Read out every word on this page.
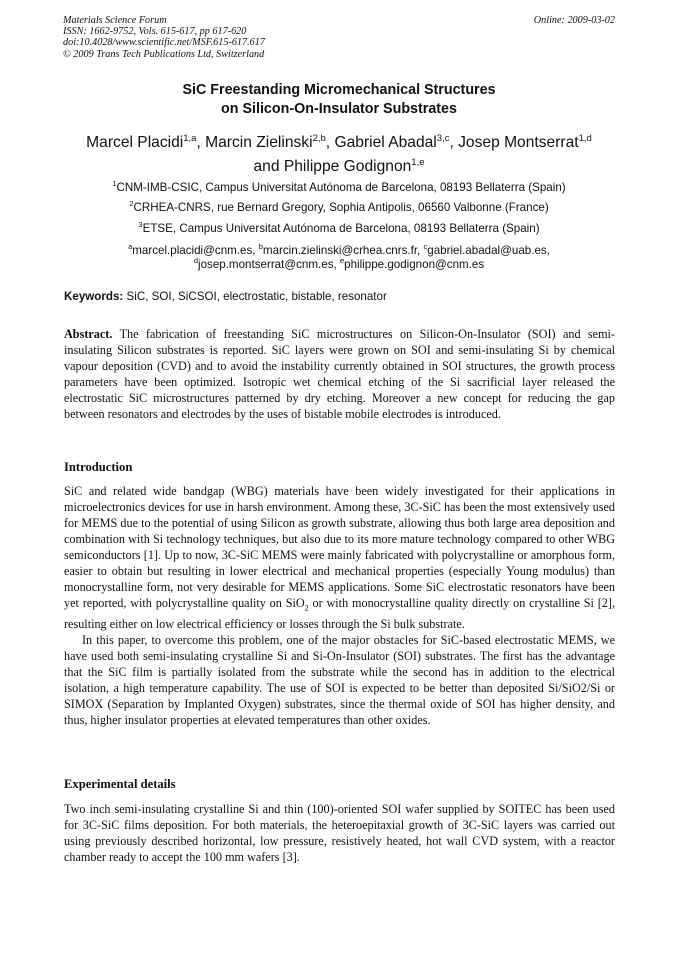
Materials Science Forum
ISSN: 1662-9752, Vols. 615-617, pp 617-620
doi:10.4028/www.scientific.net/MSF.615-617.617
© 2009 Trans Tech Publications Ltd, Switzerland
Online: 2009-03-02
SiC Freestanding Micromechanical Structures
on Silicon-On-Insulator Substrates
Marcel Placidi$^{1,a}$, Marcin Zielinski$^{2,b}$, Gabriel Abadal$^{3,c}$, Josep Montserrat$^{1,d}$
and Philippe Godignon$^{1,e}$
$^1$CNM-IMB-CSIC, Campus Universitat Autónoma de Barcelona, 08193 Bellaterra (Spain)
$^2$CRHEA-CNRS, rue Bernard Gregory, Sophia Antipolis, 06560 Valbonne (France)
$^3$ETSE, Campus Universitat Autónoma de Barcelona, 08193 Bellaterra (Spain)
$^a$marcel.placidi@cnm.es, $^b$marcin.zielinski@crhea.cnrs.fr, $^c$gabriel.abadal@uab.es,
$^d$josep.montserrat@cnm.es, $^e$philippe.godignon@cnm.es
Keywords: SiC, SOI, SiCSOI, electrostatic, bistable, resonator
Abstract. The fabrication of freestanding SiC microstructures on Silicon-On-Insulator (SOI) and semi-insulating Silicon substrates is reported. SiC layers were grown on SOI and semi-insulating Si by chemical vapour deposition (CVD) and to avoid the instability currently obtained in SOI structures, the growth process parameters have been optimized. Isotropic wet chemical etching of the Si sacrificial layer released the electrostatic SiC microstructures patterned by dry etching. Moreover a new concept for reducing the gap between resonators and electrodes by the uses of bistable mobile electrodes is introduced.
Introduction
SiC and related wide bandgap (WBG) materials have been widely investigated for their applications in microelectronics devices for use in harsh environment. Among these, 3C-SiC has been the most extensively used for MEMS due to the potential of using Silicon as growth substrate, allowing thus both large area deposition and combination with Si technology techniques, but also due to its more mature technology compared to other WBG semiconductors [1]. Up to now, 3C-SiC MEMS were mainly fabricated with polycrystalline or amorphous form, easier to obtain but resulting in lower electrical and mechanical properties (especially Young modulus) than monocrystalline form, not very desirable for MEMS applications. Some SiC electrostatic resonators have been yet reported, with polycrystalline quality on SiO$_2$ or with monocrystalline quality directly on crystalline Si [2], resulting either on low electrical efficiency or losses through the Si bulk substrate.
In this paper, to overcome this problem, one of the major obstacles for SiC-based electrostatic MEMS, we have used both semi-insulating crystalline Si and Si-On-Insulator (SOI) substrates. The first has the advantage that the SiC film is partially isolated from the substrate while the second has in addition to the electrical isolation, a high temperature capability. The use of SOI is expected to be better than deposited Si/SiO2/Si or SIMOX (Separation by Implanted Oxygen) substrates, since the thermal oxide of SOI has higher density, and thus, higher insulator properties at elevated temperatures than other oxides.
Experimental details
Two inch semi-insulating crystalline Si and thin (100)-oriented SOI wafer supplied by SOITEC has been used for 3C-SiC films deposition. For both materials, the heteroepitaxial growth of 3C-SiC layers was carried out using previously described horizontal, low pressure, resistively heated, hot wall CVD system, with a reactor chamber ready to accept the 100 mm wafers [3].
